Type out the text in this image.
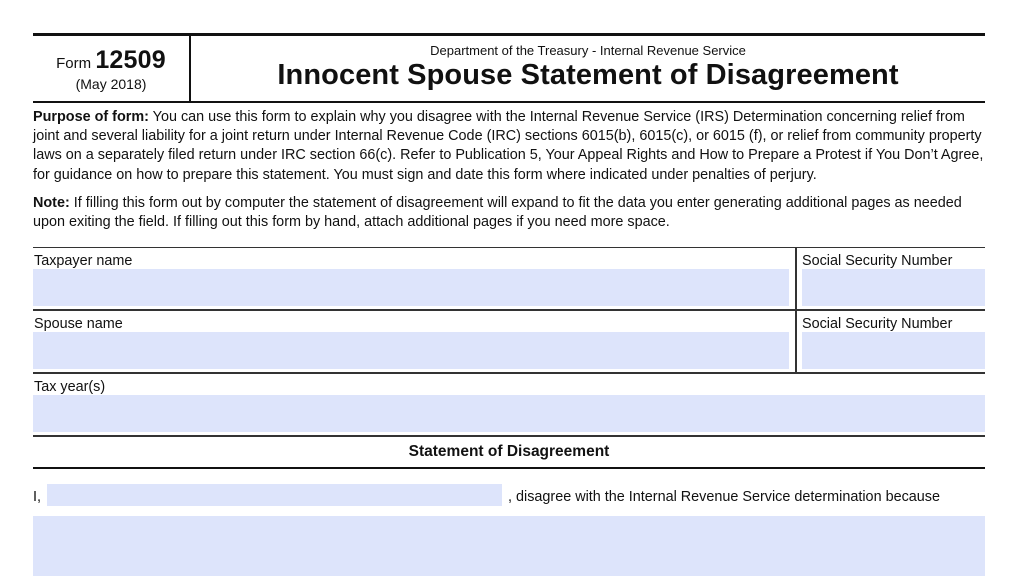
Form 12509
(May 2018)
Department of the Treasury - Internal Revenue Service
Innocent Spouse Statement of Disagreement

Purpose of form: You can use this form to explain why you disagree with the Internal Revenue Service (IRS) Determination concerning relief from joint and several liability for a joint return under Internal Revenue Code (IRC) sections 6015(b), 6015(c), or 6015 (f), or relief from community property laws on a separately filed return under IRC section 66(c). Refer to Publication 5, Your Appeal Rights and How to Prepare a Protest if You Don’t Agree, for guidance on how to prepare this statement. You must sign and date this form where indicated under penalties of perjury.

Note: If filling this form out by computer the statement of disagreement will expand to fit the data you enter generating additional pages as needed upon exiting the field. If filling out this form by hand, attach additional pages if you need more space.

Taxpayer name	Social Security Number
Spouse name	Social Security Number
Tax year(s)
Statement of Disagreement
I,	, disagree with the Internal Revenue Service determination because
